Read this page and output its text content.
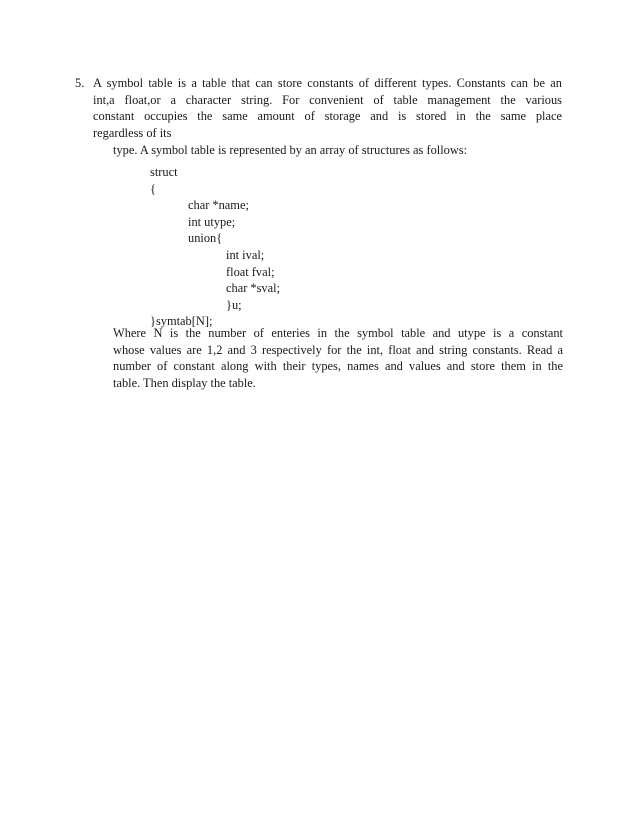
5. A symbol table is a table that can store constants of different types. Constants can be an
int,a float,or a character string. For convenient of table management the various
constant occupies the same amount of storage and is stored in the same place
regardless of its
type. A symbol table is represented by an array of structures as follows:
struct
{
char *name;
int utype;
union{
int ival;
float fval;
char *sval;
}u;
}symtab[N];
Where N is the number of enteries in the symbol table and utype is a constant
whose values are 1,2 and 3 respectively for the int, float and string constants. Read a
number of constant along with their types, names and values and store them in the
table. Then display the table.
